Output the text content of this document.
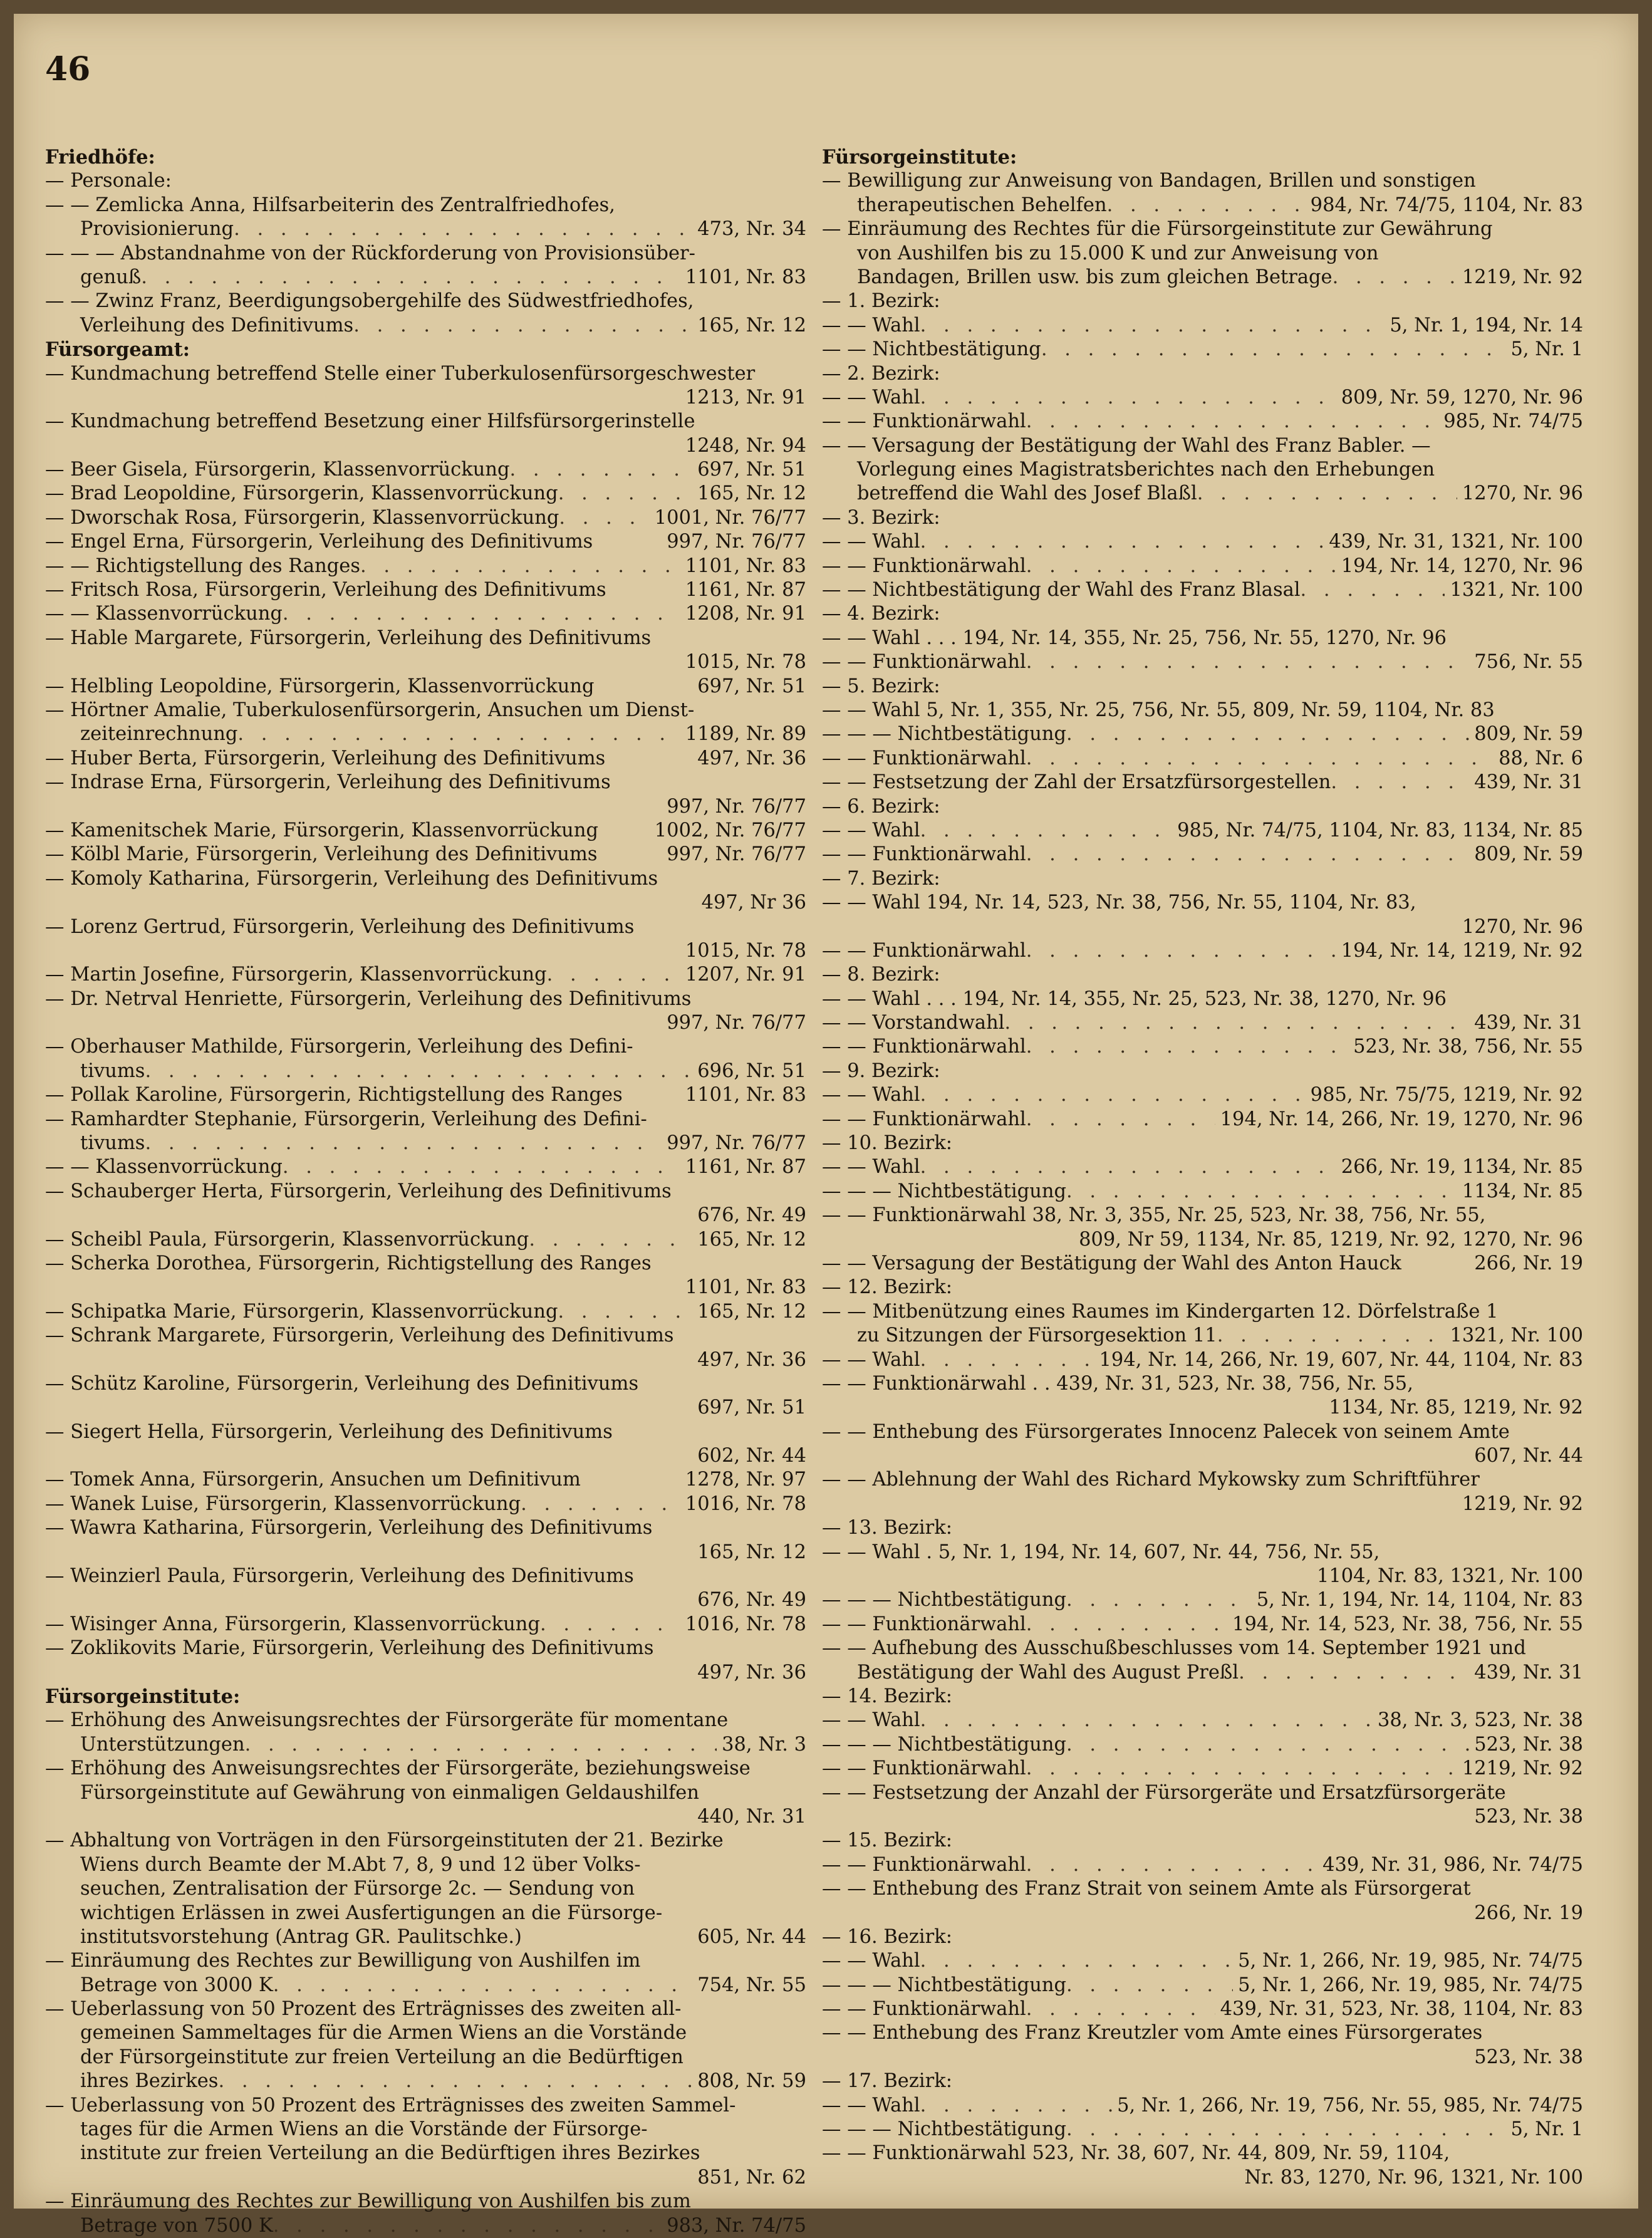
46
Friedhöfe:
— Personale:
— — Zemlicka Anna, Hilfsarbeiterin des Zentralfriedhofes,
Provisionierung . . .	473, Nr. 34
— — — Abstandnahme von der Rückforderung von Provisionsüber-
genuß . . .	1101, Nr. 83
— — Zwinz Franz, Beerdigungsobergehilfe des Südwestfriedhofes,
Verleihung des Definitivums . . .	165, Nr. 12
Fürsorgeamt:
— Kundmachung betreffend Stelle einer Tuberkulosenfürsorgeschwester
1213, Nr. 91
— Kundmachung betreffend Besetzung einer Hilfsfürsorgerinstelle
1248, Nr. 94
— Beer Gisela, Fürsorgerin, Klassenvorrückung . . .	697, Nr. 51
— Brad Leopoldine, Fürsorgerin, Klassenvorrückung . . .	165, Nr. 12
— Dworschak Rosa, Fürsorgerin, Klassenvorrückung . . .	1001, Nr. 76/77
— Engel Erna, Fürsorgerin, Verleihung des Definitivums	997, Nr. 76/77
— — Richtigstellung des Ranges . . .	1101, Nr. 83
— Fritsch Rosa, Fürsorgerin, Verleihung des Definitivums	1161, Nr. 87
— — Klassenvorrückung . . .	1208, Nr. 91
— Hable Margarete, Fürsorgerin, Verleihung des Definitivums
1015, Nr. 78
— Helbling Leopoldine, Fürsorgerin, Klassenvorrückung	697, Nr. 51
— Hörtner Amalie, Tuberkulosenfürsorgerin, Ansuchen um Dienst-
zeiteinrechnung . . .	1189, Nr. 89
— Huber Berta, Fürsorgerin, Verleihung des Definitivums	497, Nr. 36
— Indrase Erna, Fürsorgerin, Verleihung des Definitivums
997, Nr. 76/77
— Kamenitschek Marie, Fürsorgerin, Klassenvorrückung	1002, Nr. 76/77
— Kölbl Marie, Fürsorgerin, Verleihung des Definitivums	997, Nr. 76/77
— Komoly Katharina, Fürsorgerin, Verleihung des Definitivums
497, Nr 36
— Lorenz Gertrud, Fürsorgerin, Verleihung des Definitivums
1015, Nr. 78
— Martin Josefine, Fürsorgerin, Klassenvorrückung . . .	1207, Nr. 91
— Dr. Netrval Henriette, Fürsorgerin, Verleihung des Definitivums
997, Nr. 76/77
— Oberhauser Mathilde, Fürsorgerin, Verleihung des Defini-
tivums . . .	696, Nr. 51
— Pollak Karoline, Fürsorgerin, Richtigstellung des Ranges	1101, Nr. 83
— Ramhardter Stephanie, Fürsorgerin, Verleihung des Defini-
tivums . . .	997, Nr. 76/77
— — Klassenvorrückung . . .	1161, Nr. 87
— Schauberger Herta, Fürsorgerin, Verleihung des Definitivums
676, Nr. 49
— Scheibl Paula, Fürsorgerin, Klassenvorrückung . . .	165, Nr. 12
— Scherka Dorothea, Fürsorgerin, Richtigstellung des Ranges
1101, Nr. 83
— Schipatka Marie, Fürsorgerin, Klassenvorrückung . . .	165, Nr. 12
— Schrank Margarete, Fürsorgerin, Verleihung des Definitivums
497, Nr. 36
— Schütz Karoline, Fürsorgerin, Verleihung des Definitivums
697, Nr. 51
— Siegert Hella, Fürsorgerin, Verleihung des Definitivums
602, Nr. 44
— Tomek Anna, Fürsorgerin, Ansuchen um Definitivum	1278, Nr. 97
— Wanek Luise, Fürsorgerin, Klassenvorrückung . . .	1016, Nr. 78
— Wawra Katharina, Fürsorgerin, Verleihung des Definitivums
165, Nr. 12
— Weinzierl Paula, Fürsorgerin, Verleihung des Definitivums
676, Nr. 49
— Wisinger Anna, Fürsorgerin, Klassenvorrückung . . .	1016, Nr. 78
— Zoklikovits Marie, Fürsorgerin, Verleihung des Definitivums
497, Nr. 36
Fürsorgeinstitute:
— Erhöhung des Anweisungsrechtes der Fürsorgeräte für momentane
Unterstützungen . . .	38, Nr. 3
— Erhöhung des Anweisungsrechtes der Fürsorgeräte, beziehungsweise
Fürsorgeinstitute auf Gewährung von einmaligen Geldaushilfen
440, Nr. 31
— Abhaltung von Vorträgen in den Fürsorgeinstituten der 21. Bezirke
Wiens durch Beamte der M.Abt 7, 8, 9 und 12 über Volks-
seuchen, Zentralisation der Fürsorge 2c. — Sendung von
wichtigen Erlässen in zwei Ausfertigungen an die Fürsorge-
institutsvorstehung (Antrag GR. Paulitschke.)	605, Nr. 44
— Einräumung des Rechtes zur Bewilligung von Aushilfen im
Betrage von 3000 K . . .	754, Nr. 55
— Ueberlassung von 50 Prozent des Erträgnisses des zweiten all-
gemeinen Sammeltages für die Armen Wiens an die Vorstände
der Fürsorgeinstitute zur freien Verteilung an die Bedürftigen
ihres Bezirkes . . .	808, Nr. 59
— Ueberlassung von 50 Prozent des Erträgnisses des zweiten Sammel-
tages für die Armen Wiens an die Vorstände der Fürsorge-
institute zur freien Verteilung an die Bedürftigen ihres Bezirkes
851, Nr. 62
— Einräumung des Rechtes zur Bewilligung von Aushilfen bis zum
Betrage von 7500 K . . .	983, Nr. 74/75
Fürsorgeinstitute:
— Bewilligung zur Anweisung von Bandagen, Brillen und sonstigen
therapeutischen Behelfen . . .	984, Nr. 74/75, 1104, Nr. 83
— Einräumung des Rechtes für die Fürsorgeinstitute zur Gewährung
von Aushilfen bis zu 15.000 K und zur Anweisung von
Bandagen, Brillen usw. bis zum gleichen Betrage . . .	1219, Nr. 92
— 1. Bezirk:
— — Wahl . . .	5, Nr. 1, 194, Nr. 14
— — Nichtbestätigung . . .	5, Nr. 1
— 2. Bezirk:
— — Wahl . . .	809, Nr. 59, 1270, Nr. 96
— — Funktionärwahl . . .	985, Nr. 74/75
— — Versagung der Bestätigung der Wahl des Franz Babler. —
Vorlegung eines Magistratsberichtes nach den Erhebungen
betreffend die Wahl des Josef Blaßl . . .	1270, Nr. 96
— 3. Bezirk:
— — Wahl . . .	439, Nr. 31, 1321, Nr. 100
— — Funktionärwahl . . .	194, Nr. 14, 1270, Nr. 96
— — Nichtbestätigung der Wahl des Franz Blasal . . .	1321, Nr. 100
— 4. Bezirk:
— — Wahl . . . 194, Nr. 14, 355, Nr. 25, 756, Nr. 55, 1270, Nr. 96
— — Funktionärwahl . . .	756, Nr. 55
— 5. Bezirk:
— — Wahl 5, Nr. 1, 355, Nr. 25, 756, Nr. 55, 809, Nr. 59, 1104, Nr. 83
— — — Nichtbestätigung . . .	809, Nr. 59
— — Funktionärwahl . . .	88, Nr. 6
— — Festsetzung der Zahl der Ersatzfürsorgestellen . . .	439, Nr. 31
— 6. Bezirk:
— — Wahl . . .	985, Nr. 74/75, 1104, Nr. 83, 1134, Nr. 85
— — Funktionärwahl . . .	809, Nr. 59
— 7. Bezirk:
— — Wahl 194, Nr. 14, 523, Nr. 38, 756, Nr. 55, 1104, Nr. 83,
1270, Nr. 96
— — Funktionärwahl . . .	194, Nr. 14, 1219, Nr. 92
— 8. Bezirk:
— — Wahl . . . 194, Nr. 14, 355, Nr. 25, 523, Nr. 38, 1270, Nr. 96
— — Vorstandwahl . . .	439, Nr. 31
— — Funktionärwahl . . .	523, Nr. 38, 756, Nr. 55
— 9. Bezirk:
— — Wahl . . .	985, Nr. 75/75, 1219, Nr. 92
— — Funktionärwahl . . .	194, Nr. 14, 266, Nr. 19, 1270, Nr. 96
— 10. Bezirk:
— — Wahl . . .	266, Nr. 19, 1134, Nr. 85
— — — Nichtbestätigung . . .	1134, Nr. 85
— — Funktionärwahl 38, Nr. 3, 355, Nr. 25, 523, Nr. 38, 756, Nr. 55,
809, Nr 59, 1134, Nr. 85, 1219, Nr. 92, 1270, Nr. 96
— — Versagung der Bestätigung der Wahl des Anton Hauck	266, Nr. 19
— 12. Bezirk:
— — Mitbenützung eines Raumes im Kindergarten 12. Dörfelstraße 1
zu Sitzungen der Fürsorgesektion 11 . . .	1321, Nr. 100
— — Wahl . . .	194, Nr. 14, 266, Nr. 19, 607, Nr. 44, 1104, Nr. 83
— — Funktionärwahl . . 439, Nr. 31, 523, Nr. 38, 756, Nr. 55,
1134, Nr. 85, 1219, Nr. 92
— — Enthebung des Fürsorgerates Innocenz Palecek von seinem Amte
607, Nr. 44
— — Ablehnung der Wahl des Richard Mykowsky zum Schriftführer
1219, Nr. 92
— 13. Bezirk:
— — Wahl . 5, Nr. 1, 194, Nr. 14, 607, Nr. 44, 756, Nr. 55,
1104, Nr. 83, 1321, Nr. 100
— — — Nichtbestätigung . . .	5, Nr. 1, 194, Nr. 14, 1104, Nr. 83
— — Funktionärwahl . . .	194, Nr. 14, 523, Nr. 38, 756, Nr. 55
— — Aufhebung des Ausschußbeschlusses vom 14. September 1921 und
Bestätigung der Wahl des August Preßl . . .	439, Nr. 31
— 14. Bezirk:
— — Wahl . . .	38, Nr. 3, 523, Nr. 38
— — — Nichtbestätigung . . .	523, Nr. 38
— — Funktionärwahl . . .	1219, Nr. 92
— — Festsetzung der Anzahl der Fürsorgeräte und Ersatzfürsorgeräte
523, Nr. 38
— 15. Bezirk:
— — Funktionärwahl . . .	439, Nr. 31, 986, Nr. 74/75
— — Enthebung des Franz Strait von seinem Amte als Fürsorgerat
266, Nr. 19
— 16. Bezirk:
— — Wahl . . .	5, Nr. 1, 266, Nr. 19, 985, Nr. 74/75
— — — Nichtbestätigung . . .	5, Nr. 1, 266, Nr. 19, 985, Nr. 74/75
— — Funktionärwahl . . .	439, Nr. 31, 523, Nr. 38, 1104, Nr. 83
— — Enthebung des Franz Kreutzler vom Amte eines Fürsorgerates
523, Nr. 38
— 17. Bezirk:
— — Wahl . . .	5, Nr. 1, 266, Nr. 19, 756, Nr. 55, 985, Nr. 74/75
— — — Nichtbestätigung . . .	5, Nr. 1
— — Funktionärwahl 523, Nr. 38, 607, Nr. 44, 809, Nr. 59, 1104,
Nr. 83, 1270, Nr. 96, 1321, Nr. 100
